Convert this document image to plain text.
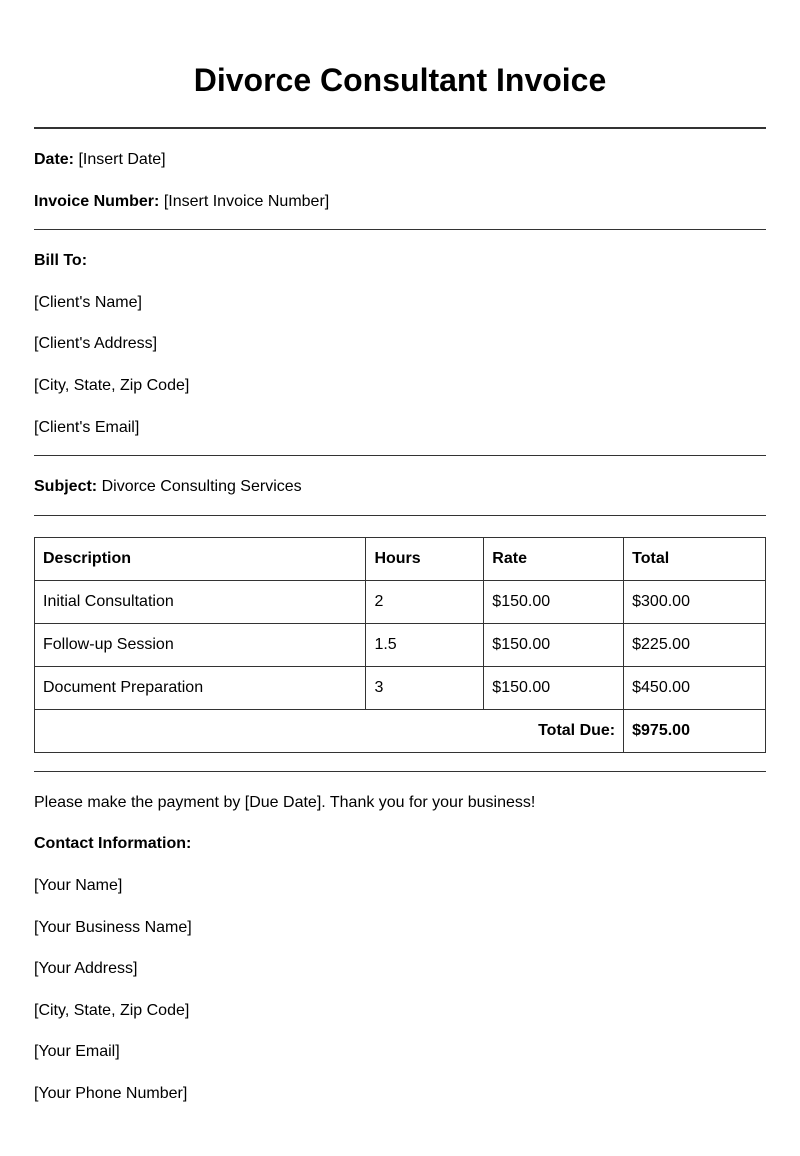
Divorce Consultant Invoice
Date: [Insert Date]
Invoice Number: [Insert Invoice Number]
Bill To:
[Client's Name]
[Client's Address]
[City, State, Zip Code]
[Client's Email]
Subject: Divorce Consulting Services
Description	Hours	Rate	Total
Initial Consultation	2	$150.00	$300.00
Follow-up Session	1.5	$150.00	$225.00
Document Preparation	3	$150.00	$450.00
Total Due:			$975.00
Please make the payment by [Due Date]. Thank you for your business!
Contact Information:
[Your Name]
[Your Business Name]
[Your Address]
[City, State, Zip Code]
[Your Email]
[Your Phone Number]
